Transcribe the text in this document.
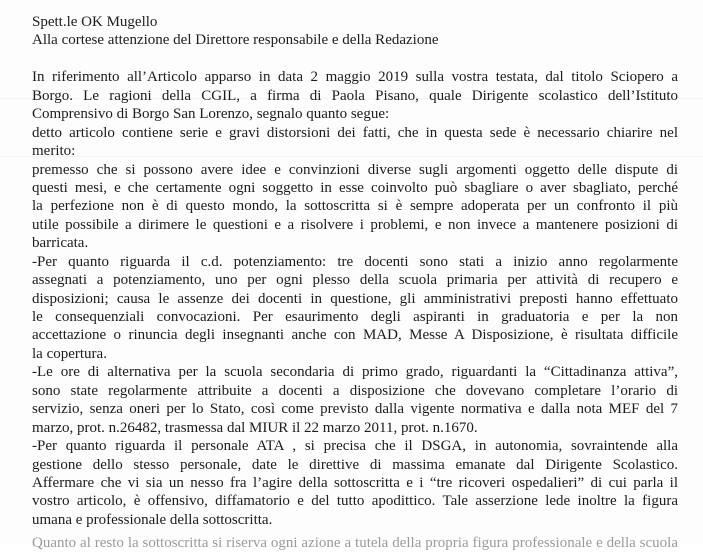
Spett.le OK Mugello
Alla cortese attenzione del Direttore responsabile e della Redazione
In riferimento all’Articolo apparso in data 2 maggio 2019 sulla vostra testata, dal titolo Sciopero a
Borgo. Le ragioni della CGIL, a firma di Paola Pisano, quale Dirigente scolastico dell’Istituto
Comprensivo di Borgo San Lorenzo, segnalo quanto segue:
detto articolo contiene serie e gravi distorsioni dei fatti, che in questa sede è necessario chiarire nel
merito:
premesso che si possono avere idee e convinzioni diverse sugli argomenti oggetto delle dispute di
questi mesi, e che certamente ogni soggetto in esse coinvolto può sbagliare o aver sbagliato, perché
la perfezione non è di questo mondo, la sottoscritta si è sempre adoperata per un confronto il più
utile possibile a dirimere le questioni e a risolvere i problemi, e non invece a mantenere posizioni di
barricata.
-Per quanto riguarda il c.d. potenziamento: tre docenti sono stati a inizio anno regolarmente
assegnati a potenziamento, uno per ogni plesso della scuola primaria per attività di recupero e
disposizioni; causa le assenze dei docenti in questione, gli amministrativi preposti hanno effettuato
le consequenziali convocazioni. Per esaurimento degli aspiranti in graduatoria e per la non
accettazione o rinuncia degli insegnanti anche con MAD, Messe A Disposizione, è risultata difficile
la copertura.
-Le ore di alternativa per la scuola secondaria di primo grado, riguardanti la “Cittadinanza attiva”,
sono state regolarmente attribuite a docenti a disposizione che dovevano completare l’orario di
servizio, senza oneri per lo Stato, così come previsto dalla vigente normativa e dalla nota MEF del 7
marzo, prot. n.26482, trasmessa dal MIUR il 22 marzo 2011, prot. n.1670.
-Per quanto riguarda il personale ATA , si precisa che il DSGA, in autonomia, sovraintende alla
gestione dello stesso personale, date le direttive di massima emanate dal Dirigente Scolastico.
Affermare che vi sia un nesso fra l’agire della sottoscritta e i “tre ricoveri ospedalieri” di cui parla il
vostro articolo, è offensivo, diffamatorio e del tutto apodittico. Tale asserzione lede inoltre la figura
umana e professionale della sottoscritta.
Quanto al resto la sottoscritta si riserva ogni azione a tutela della propria figura professionale e della scuola
